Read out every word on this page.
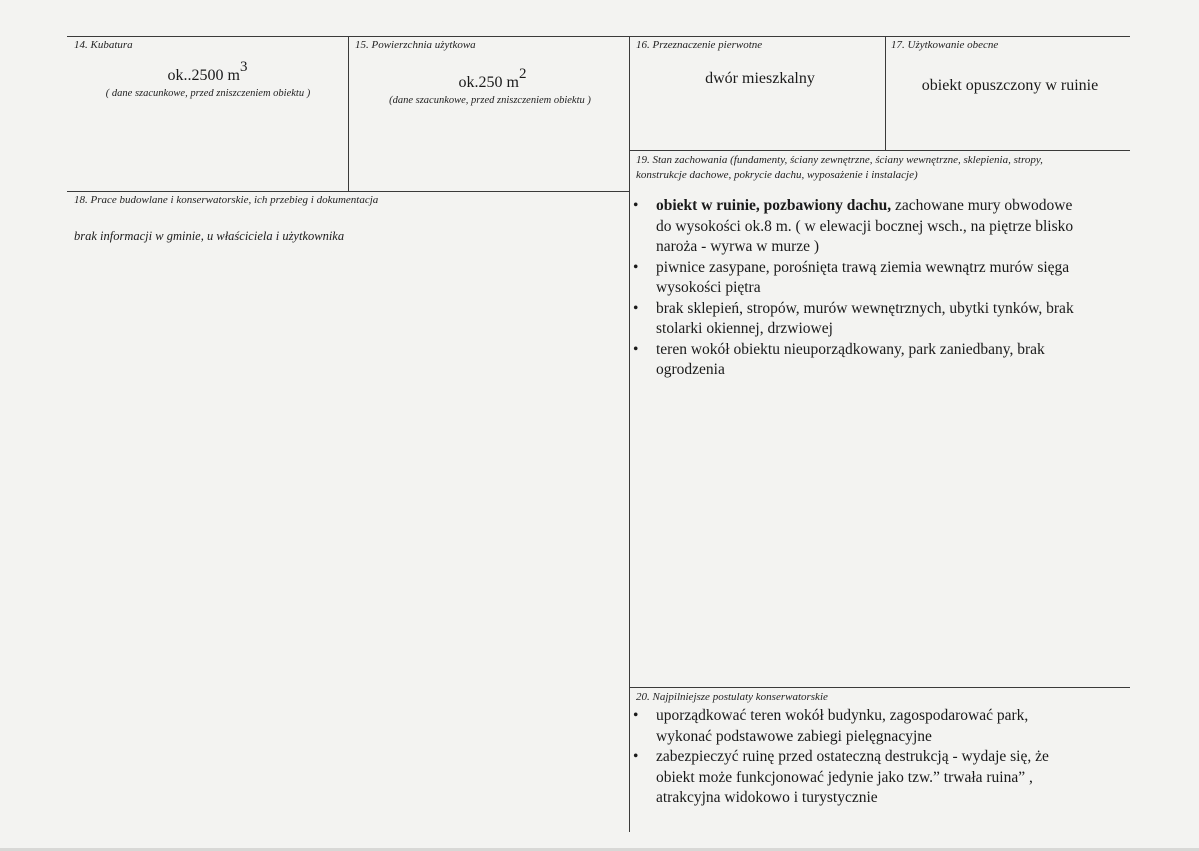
14. Kubatura
ok..2500 m3
( dane szacunkowe, przed zniszczeniem obiektu )
15. Powierzchnia użytkowa
ok.250 m2
(dane szacunkowe, przed zniszczeniem obiektu )
16. Przeznaczenie pierwotne
dwór mieszkalny
17. Użytkowanie obecne
obiekt opuszczony w ruinie
18. Prace budowlane i konserwatorskie, ich przebieg i dokumentacja
brak informacji w gminie, u właściciela i użytkownika
19. Stan zachowania (fundamenty, ściany zewnętrzne, ściany wewnętrzne, sklepienia, stropy,
konstrukcje dachowe, pokrycie dachu, wyposażenie i instalacje)
• obiekt w ruinie, pozbawiony dachu, zachowane mury obwodowe
do wysokości ok.8 m. ( w elewacji bocznej wsch., na piętrze blisko
naroża - wyrwa w murze )
• piwnice zasypane, porośnięta trawą ziemia wewnątrz murów sięga
wysokości piętra
• brak sklepień, stropów, murów wewnętrznych, ubytki tynków, brak
stolarki okiennej, drzwiowej
• teren wokół obiektu nieuporządkowany, park zaniedbany, brak
ogrodzenia
20. Najpilniejsze postulaty konserwatorskie
• uporządkować teren wokół budynku, zagospodarować park,
wykonać podstawowe zabiegi pielęgnacyjne
• zabezpieczyć ruinę przed ostateczną destrukcją - wydaje się, że
obiekt może funkcjonować jedynie jako tzw.” trwała ruina” ,
atrakcyjna widokowo i turystycznie
